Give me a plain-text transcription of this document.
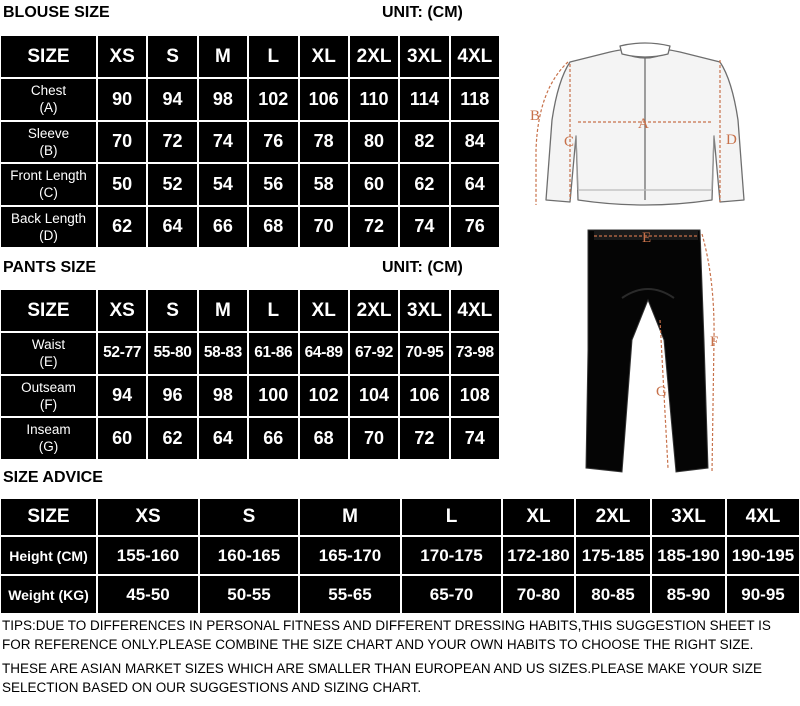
BLOUSE SIZE	UNIT: (CM)
SIZE	XS	S	M	L	XL	2XL	3XL	4XL

Chest
(A)	90	94	98	102	106	110	114	118

Sleeve
(B)	70	72	74	76	78	80	82	84

Front Length
(C)	50	52	54	56	58	60	62	64

Back Length
(D)	62	64	66	68	70	72	74	76
PANTS SIZE	UNIT: (CM)
SIZE	XS	S	M	L	XL	2XL	3XL	4XL

Waist
(E)	52-77	55-80	58-83	61-86	64-89	67-92	70-95	73-98

Outseam
(F)	94	96	98	100	102	104	106	108

Inseam
(G)	60	62	64	66	68	70	72	74
SIZE ADVICE
SIZE	XS	S	M	L	XL	2XL	3XL	4XL
Height (CM)	155-160	160-165	165-170	170-175	172-180	175-185	185-190	190-195
Weight (KG)	45-50	50-55	55-65	65-70	70-80	80-85	85-90	90-95
A
B
C	D
E
F
G

TIPS:DUE TO DIFFERENCES IN PERSONAL FITNESS AND DIFFERENT DRESSING HABITS,THIS SUGGESTION SHEET IS FOR REFERENCE ONLY.PLEASE COMBINE THE SIZE CHART AND YOUR OWN HABITS TO CHOOSE THE RIGHT SIZE.

THESE ARE ASIAN MARKET SIZES WHICH ARE SMALLER THAN EUROPEAN AND US SIZES.PLEASE MAKE YOUR SIZE SELECTION BASED ON OUR SUGGESTIONS AND SIZING CHART.
